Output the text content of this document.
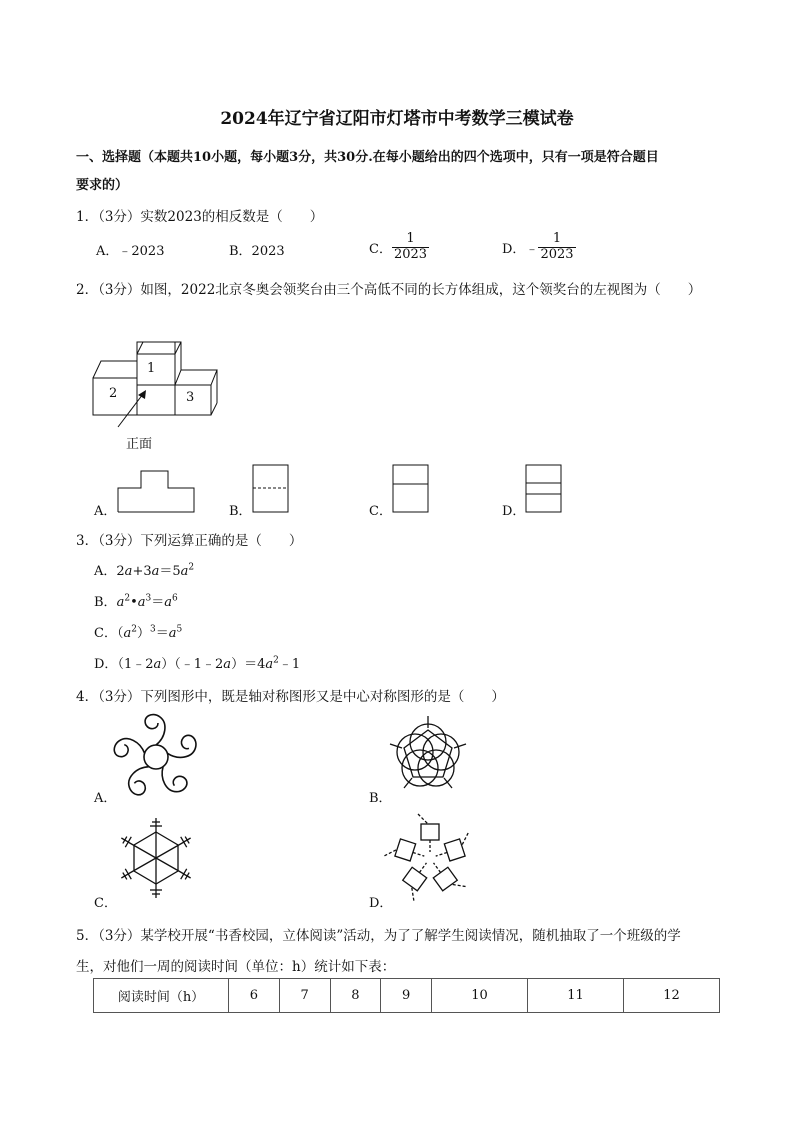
2024年辽宁省辽阳市灯塔市中考数学三模试卷
一、选择题（本题共10小题，每小题3分，共30分.在每小题给出的四个选项中，只有一项是符合题目
要求的）
1．（3分）实数2023的相反数是（　　）
A．﹣2023	B．2023	C． $\frac{1}{2023}$	D．﹣ $\frac{1}{2023}$
2．（3分）如图，2022北京冬奥会领奖台由三个高低不同的长方体组成，这个领奖台的左视图为（　　）
1
2	3
正面
A．	B．	C．	D．
3．（3分）下列运算正确的是（　　）
A．$2a+3a=5a^2$
B．$a^2•a^3=a^6$
C．$(a^2)^3=a^5$
D．$(1﹣2a)(﹣1﹣2a)=4a^2﹣1$
4．（3分）下列图形中，既是轴对称图形又是中心对称图形的是（　　）
A．	B．
C．	D．
5．（3分）某学校开展“书香校园，立体阅读”活动，为了了解学生阅读情况，随机抽取了一个班级的学
生，对他们一周的阅读时间（单位：h）统计如下表：
阅读时间（h）	6	7	8	9	10	11	12
